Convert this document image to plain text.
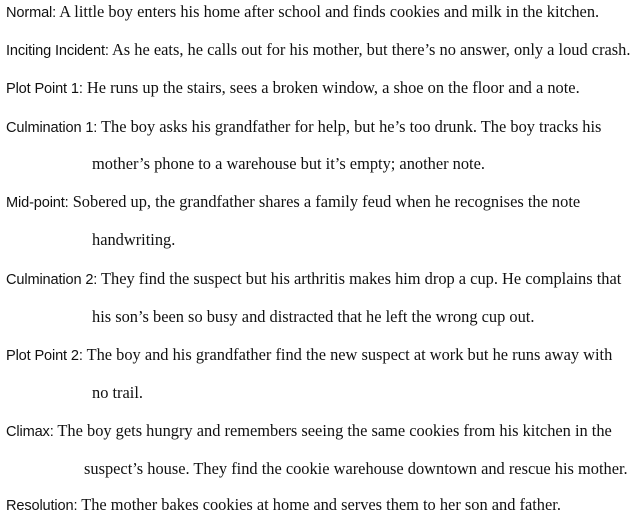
Normal: A little boy enters his home after school and finds cookies and milk in the kitchen.
Inciting Incident: As he eats, he calls out for his mother, but there’s no answer, only a loud crash.
Plot Point 1: He runs up the stairs, sees a broken window, a shoe on the floor and a note.
Culmination 1: The boy asks his grandfather for help, but he’s too drunk. The boy tracks his
mother’s phone to a warehouse but it’s empty; another note.
Mid-point: Sobered up, the grandfather shares a family feud when he recognises the note
handwriting.
Culmination 2: They find the suspect but his arthritis makes him drop a cup. He complains that
his son’s been so busy and distracted that he left the wrong cup out.
Plot Point 2: The boy and his grandfather find the new suspect at work but he runs away with
no trail.
Climax: The boy gets hungry and remembers seeing the same cookies from his kitchen in the
suspect’s house. They find the cookie warehouse downtown and rescue his mother.
Resolution: The mother bakes cookies at home and serves them to her son and father.
